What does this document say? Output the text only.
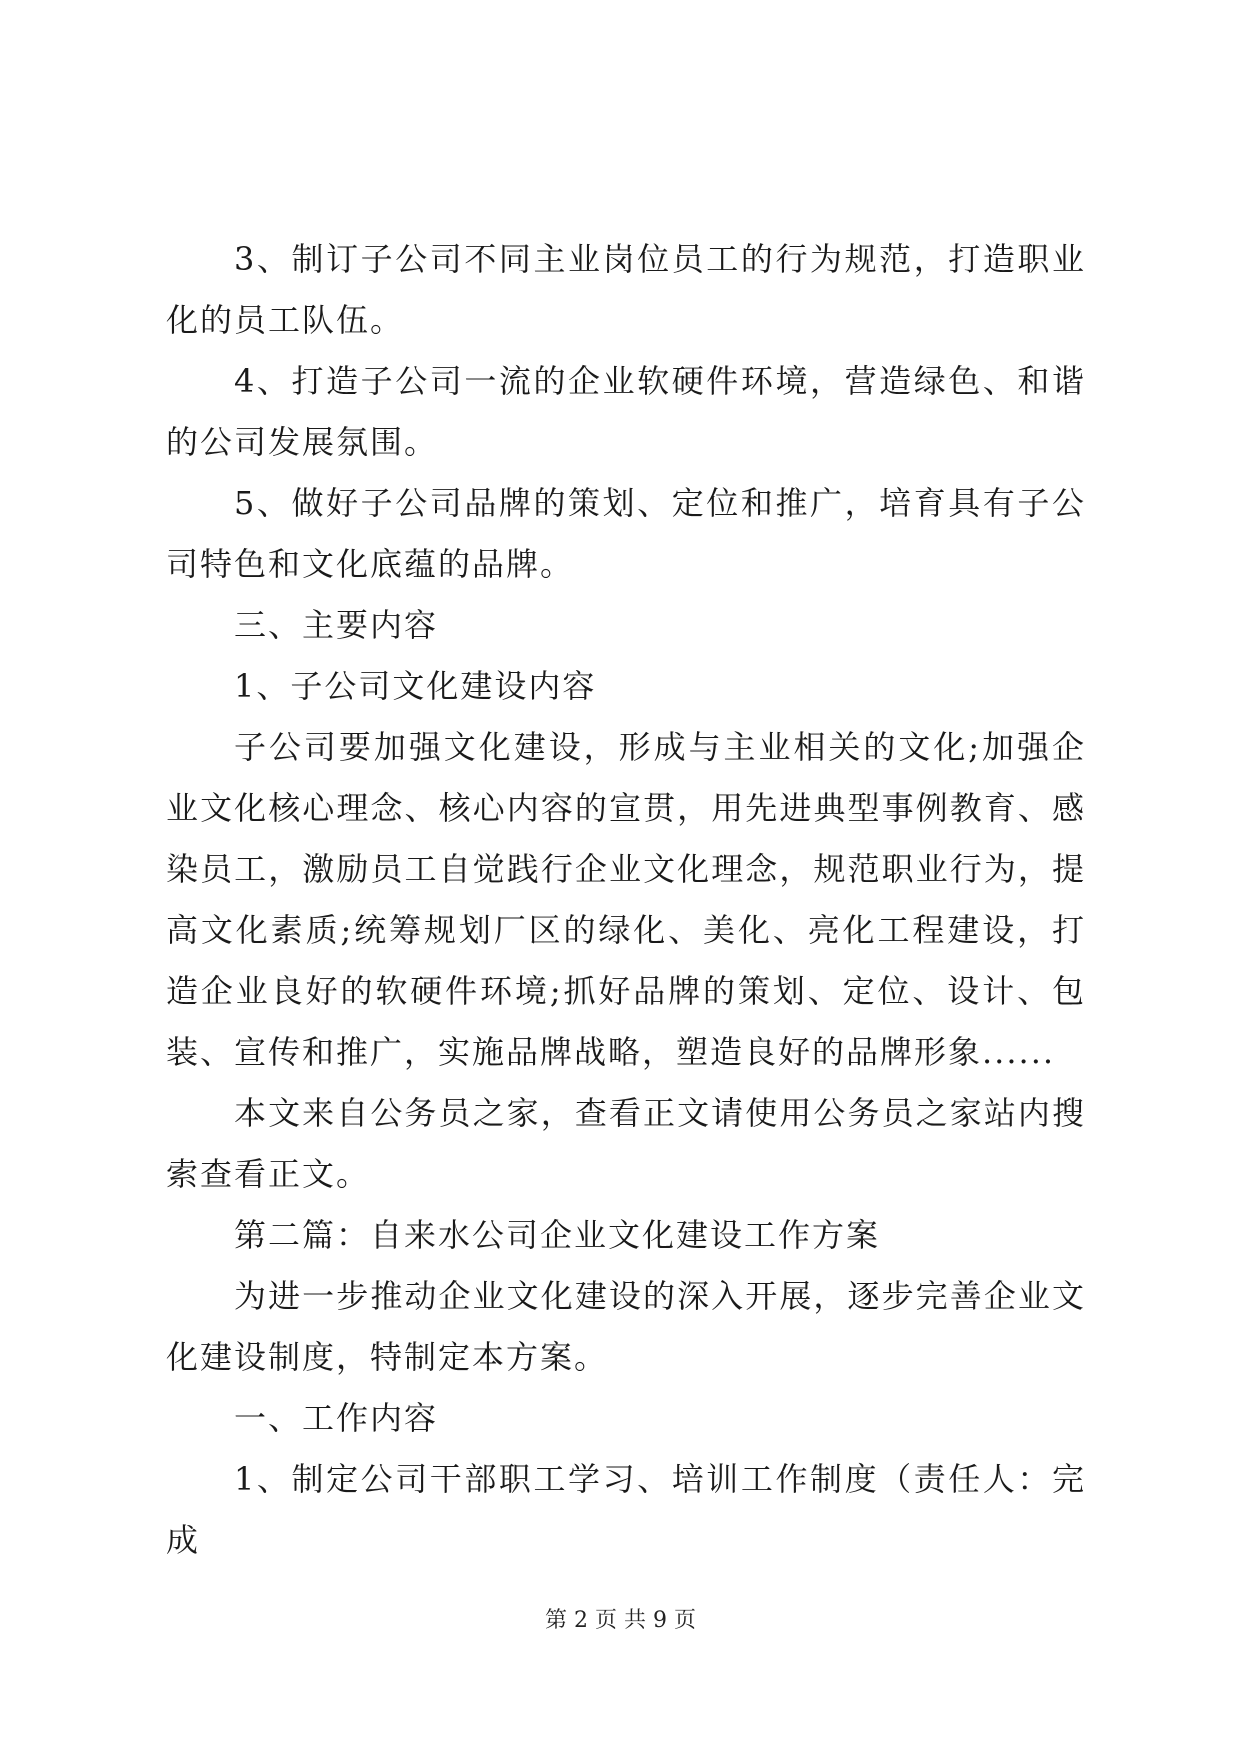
3、制订子公司不同主业岗位员工的行为规范，打造职业化的员工队伍。

4、打造子公司一流的企业软硬件环境，营造绿色、和谐的公司发展氛围。

5、做好子公司品牌的策划、定位和推广，培育具有子公司特色和文化底蕴的品牌。

三、主要内容

1、子公司文化建设内容

子公司要加强文化建设，形成与主业相关的文化;加强企业文化核心理念、核心内容的宣贯，用先进典型事例教育、感染员工，激励员工自觉践行企业文化理念，规范职业行为，提高文化素质;统筹规划厂区的绿化、美化、亮化工程建设，打造企业良好的软硬件环境;抓好品牌的策划、定位、设计、包装、宣传和推广，实施品牌战略，塑造良好的品牌形象......

本文来自公务员之家，查看正文请使用公务员之家站内搜索查看正文。

第二篇：自来水公司企业文化建设工作方案

为进一步推动企业文化建设的深入开展，逐步完善企业文化建设制度，特制定本方案。

一、工作内容

1、制定公司干部职工学习、培训工作制度（责任人：完成

第 2 页 共 9 页
